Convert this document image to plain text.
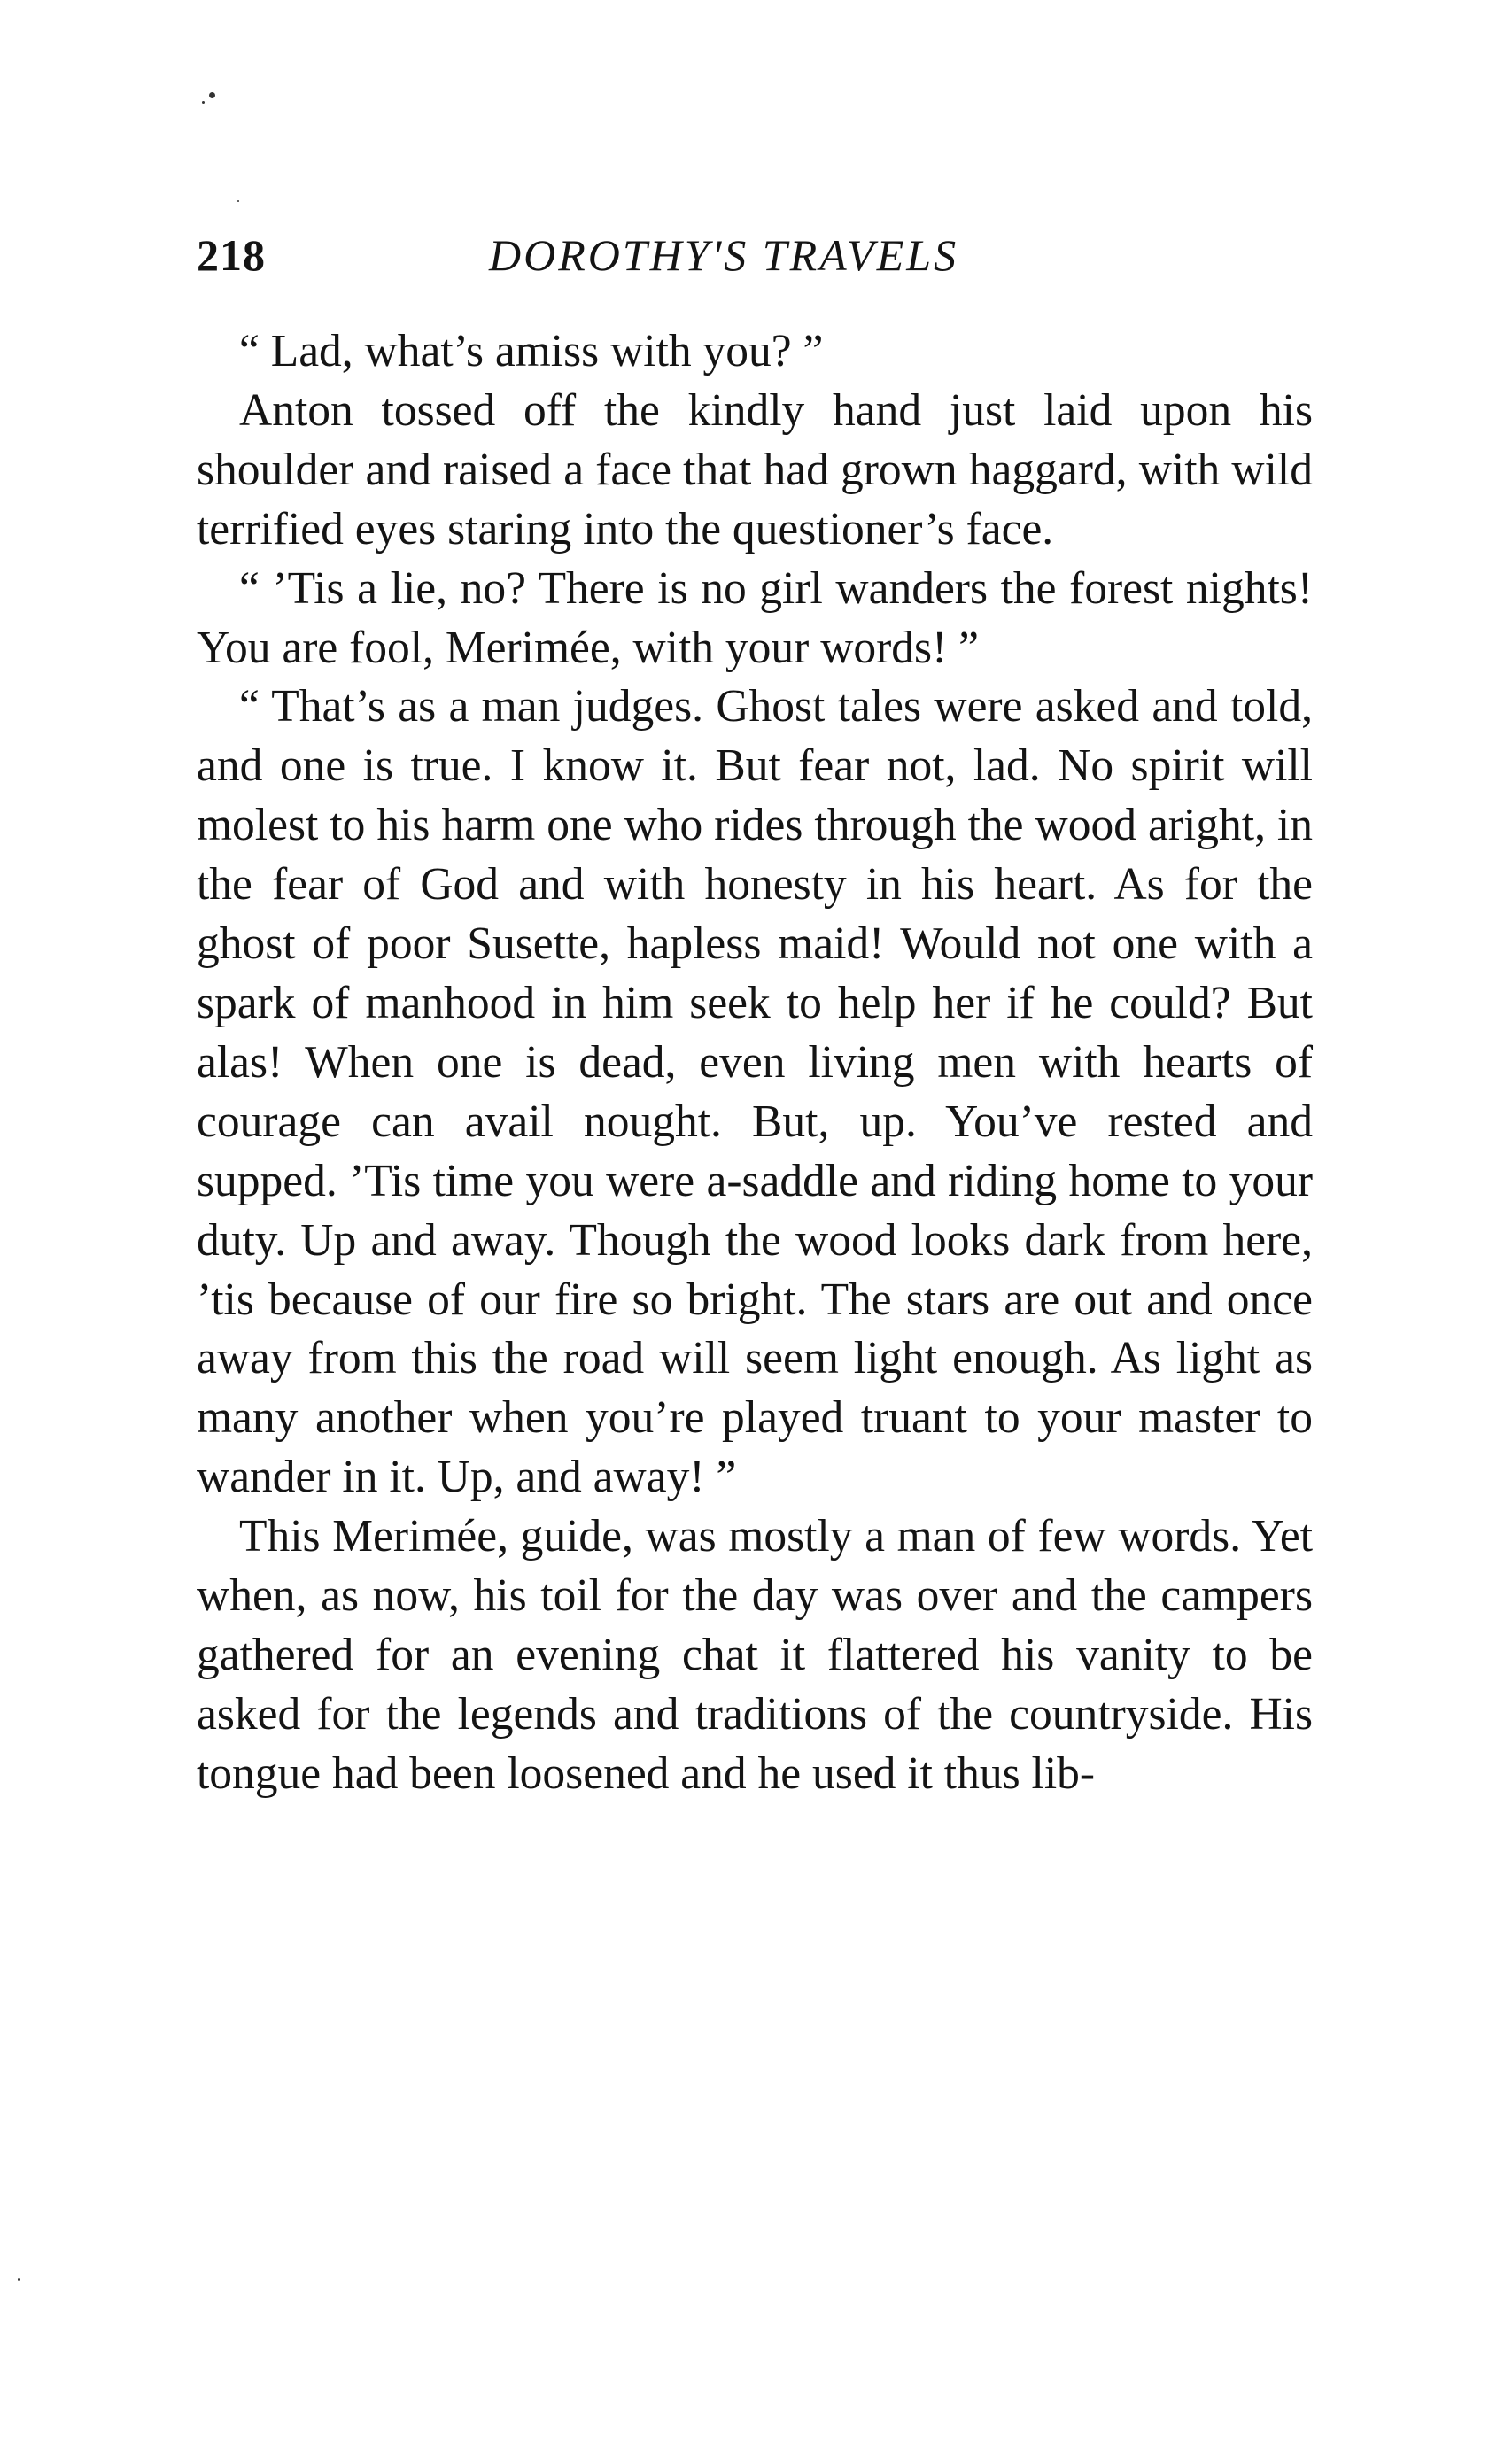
218	DOROTHY'S TRAVELS

“ Lad, what’s amiss with you? ”

Anton tossed off the kindly hand just laid upon his shoulder and raised a face that had grown haggard, with wild terrified eyes staring into the questioner’s face.

“ ’Tis a lie, no? There is no girl wanders the forest nights! You are fool, Merimée, with your words! ”

“ That’s as a man judges. Ghost tales were asked and told, and one is true. I know it. But fear not, lad. No spirit will molest to his harm one who rides through the wood aright, in the fear of God and with honesty in his heart. As for the ghost of poor Susette, hapless maid! Would not one with a spark of manhood in him seek to help her if he could? But alas! When one is dead, even living men with hearts of courage can avail nought. But, up. You’ve rested and supped. ’Tis time you were a-saddle and riding home to your duty. Up and away. Though the wood looks dark from here, ’tis because of our fire so bright. The stars are out and once away from this the road will seem light enough. As light as many another when you’re played truant to your master to wander in it. Up, and away! ”

This Merimée, guide, was mostly a man of few words. Yet when, as now, his toil for the day was over and the campers gathered for an evening chat it flattered his vanity to be asked for the legends and traditions of the countryside. His tongue had been loosened and he used it thus lib-
